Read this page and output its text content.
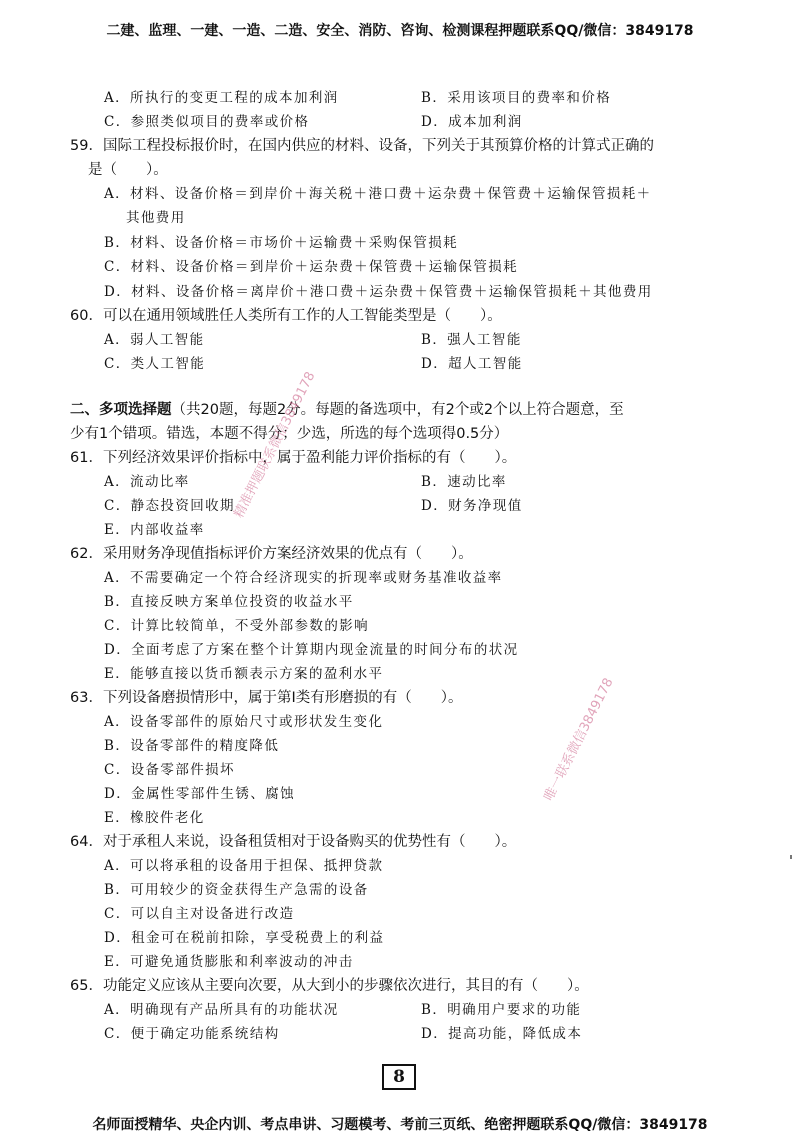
二建、监理、一建、一造、二造、安全、消防、咨询、检测课程押题联系QQ/微信：3849178
A．所执行的变更工程的成本加利润	B．采用该项目的费率和价格
C．参照类似项目的费率或价格	D．成本加利润
59．国际工程投标报价时，在国内供应的材料、设备，下列关于其预算价格的计算式正确的
是（　　）。
A．材料、设备价格＝到岸价＋海关税＋港口费＋运杂费＋保管费＋运输保管损耗＋
其他费用
B．材料、设备价格＝市场价＋运输费＋采购保管损耗
C．材料、设备价格＝到岸价＋运杂费＋保管费＋运输保管损耗
D．材料、设备价格＝离岸价＋港口费＋运杂费＋保管费＋运输保管损耗＋其他费用
60．可以在通用领域胜任人类所有工作的人工智能类型是（　　）。
A．弱人工智能	B．强人工智能
C．类人工智能	D．超人工智能
二、多项选择题（共20题，每题2分。每题的备选项中，有2个或2个以上符合题意，至
少有1个错项。错选，本题不得分；少选，所选的每个选项得0.5分）
61．下列经济效果评价指标中，属于盈利能力评价指标的有（　　）。
A．流动比率	B．速动比率
C．静态投资回收期	D．财务净现值
E．内部收益率
62．采用财务净现值指标评价方案经济效果的优点有（　　）。
A．不需要确定一个符合经济现实的折现率或财务基准收益率
B．直接反映方案单位投资的收益水平
C．计算比较简单，不受外部参数的影响
D．全面考虑了方案在整个计算期内现金流量的时间分布的状况
E．能够直接以货币额表示方案的盈利水平
63．下列设备磨损情形中，属于第Ⅰ类有形磨损的有（　　）。
A．设备零部件的原始尺寸或形状发生变化
B．设备零部件的精度降低
C．设备零部件损坏
D．金属性零部件生锈、腐蚀
E．橡胶件老化
64．对于承租人来说，设备租赁相对于设备购买的优势性有（　　）。
A．可以将承租的设备用于担保、抵押贷款
B．可用较少的资金获得生产急需的设备
C．可以自主对设备进行改造
D．租金可在税前扣除，享受税费上的利益
E．可避免通货膨胀和利率波动的冲击
65．功能定义应该从主要向次要，从大到小的步骤依次进行，其目的有（　　）。
A．明确现有产品所具有的功能状况	B．明确用户要求的功能
C．便于确定功能系统结构	D．提高功能，降低成本
8
名师面授精华、央企内训、考点串讲、习题模考、考前三页纸、绝密押题联系QQ/微信：3849178
精准押题联系微信3849178
唯一联系微信3849178
